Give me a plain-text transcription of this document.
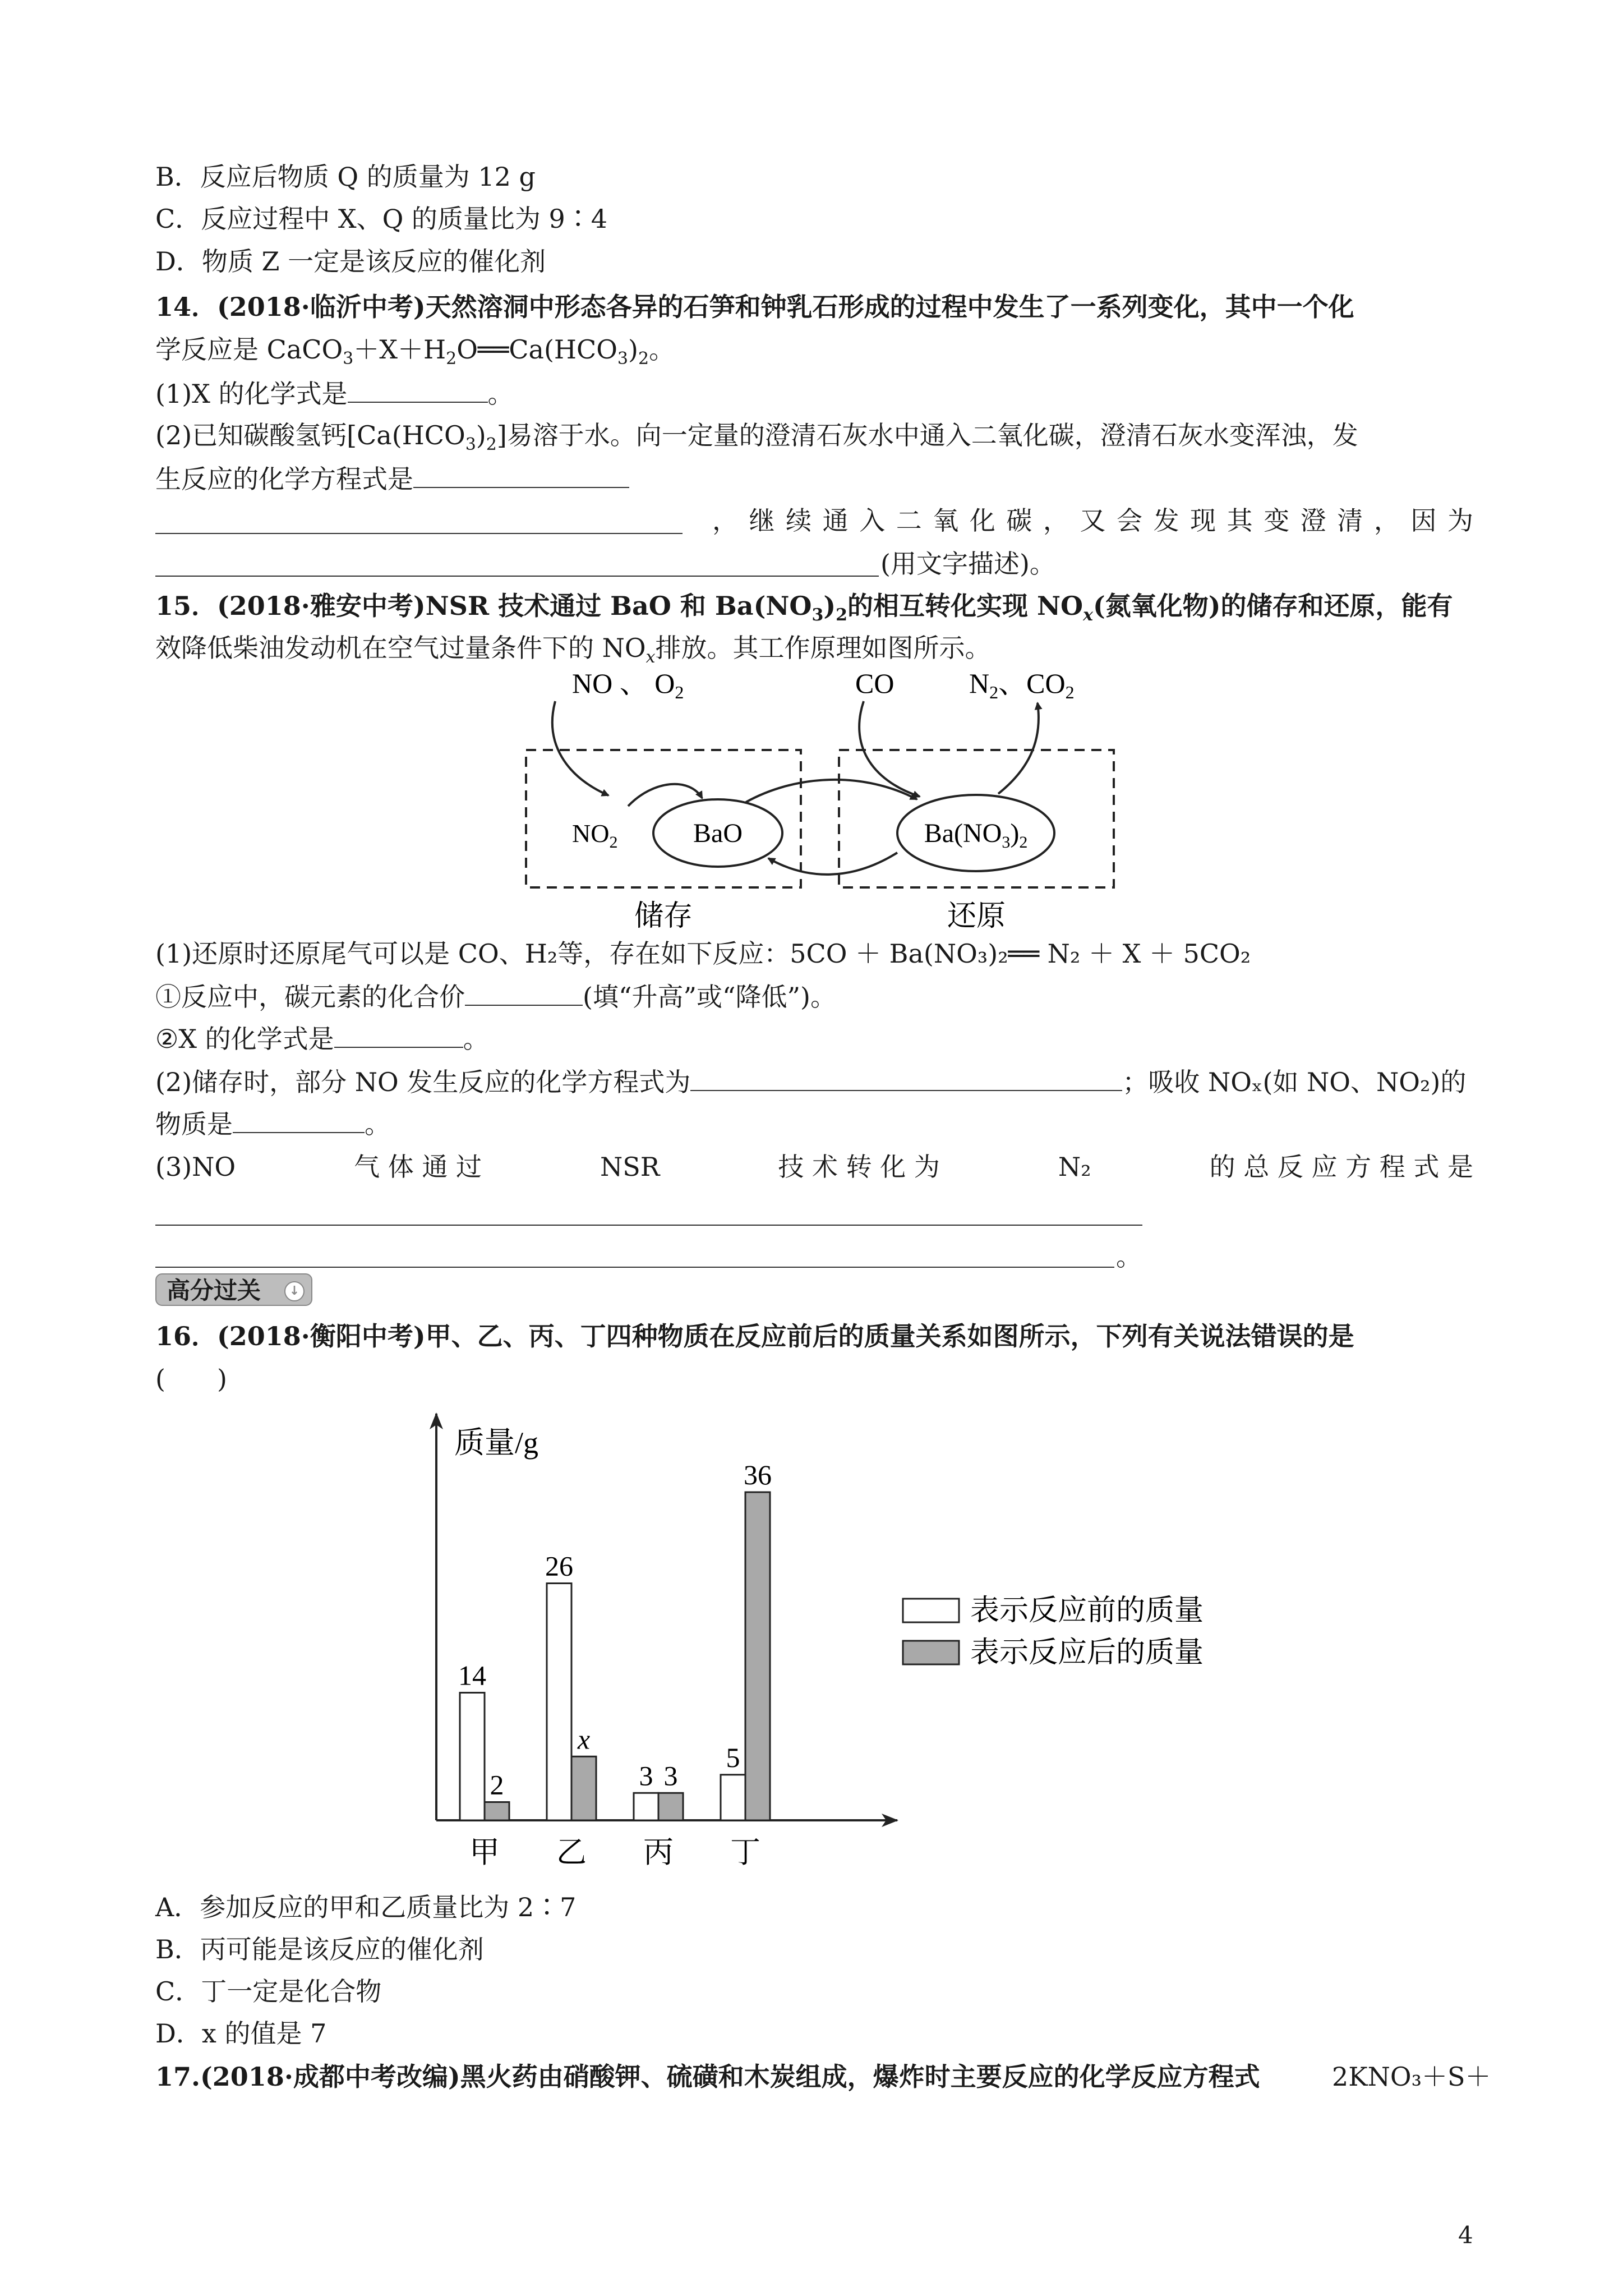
B．反应后物质 Q 的质量为 12 g
C．反应过程中 X、Q 的质量比为 9∶4
D．物质 Z 一定是该反应的催化剂
14．(2018·临沂中考)天然溶洞中形态各异的石笋和钟乳石形成的过程中发生了一系列变化，其中一个化
学反应是 $CaCO_3+X+H_2O══Ca(HCO_3)_2$。
(1)X 的化学式是	。
(2)已知碳酸氢钙$[Ca(HCO_3)_2]$易溶于水。向一定量的澄清石灰水中通入二氧化碳，澄清石灰水变浑浊，发
生反应的化学方程式是
， 继 续 通 入 二 氧 化 碳 ， 又 会 发 现 其 变 澄 清 ， 因 为
(用文字描述)。
15．(2018·雅安中考)NSR 技术通过 BaO 和 $Ba(NO_3)_2$的相互转化实现 $NO_x$(氮氧化物)的储存和还原，能有
效降低柴油发动机在空气过量条件下的 $NO_x$排放。其工作原理如图所示。
NO 、 $O_2$	CO	$N_2$、$CO_2$
BaO	$Ba(NO_3)_2$
$NO_2$
储存	还原
(1)还原时还原尾气可以是 CO、H₂等，存在如下反应：5CO ＋ Ba(NO₃)₂══ N₂ ＋ X ＋ 5CO₂
①反应中，碳元素的化合价	(填“升高”或“降低”)。
②X 的化学式是	。
(2)储存时，部分 NO 发生反应的化学方程式为	；吸收 NOₓ(如 NO、NO₂)的
物质是	。
(3)NO	气 体 通 过	NSR	技 术 转 化 为	N₂	的 总 反 应 方 程 式 是
。
高分过关	↓
16．(2018·衡阳中考)甲、乙、丙、丁四种物质在反应前后的质量关系如图所示，下列有关说法错误的是
(　　)
质量/g
14
2
甲
26
x
乙
3 3
丙
5
36
丁
表示反应前的质量
表示反应后的质量
A．参加反应的甲和乙质量比为 2∶7
B．丙可能是该反应的催化剂
C．丁一定是化合物
D．x 的值是 7
17.(2018·成都中考改编)黑火药由硝酸钾、硫磺和木炭组成，爆炸时主要反应的化学反应方程式	2KNO₃＋S＋
4
